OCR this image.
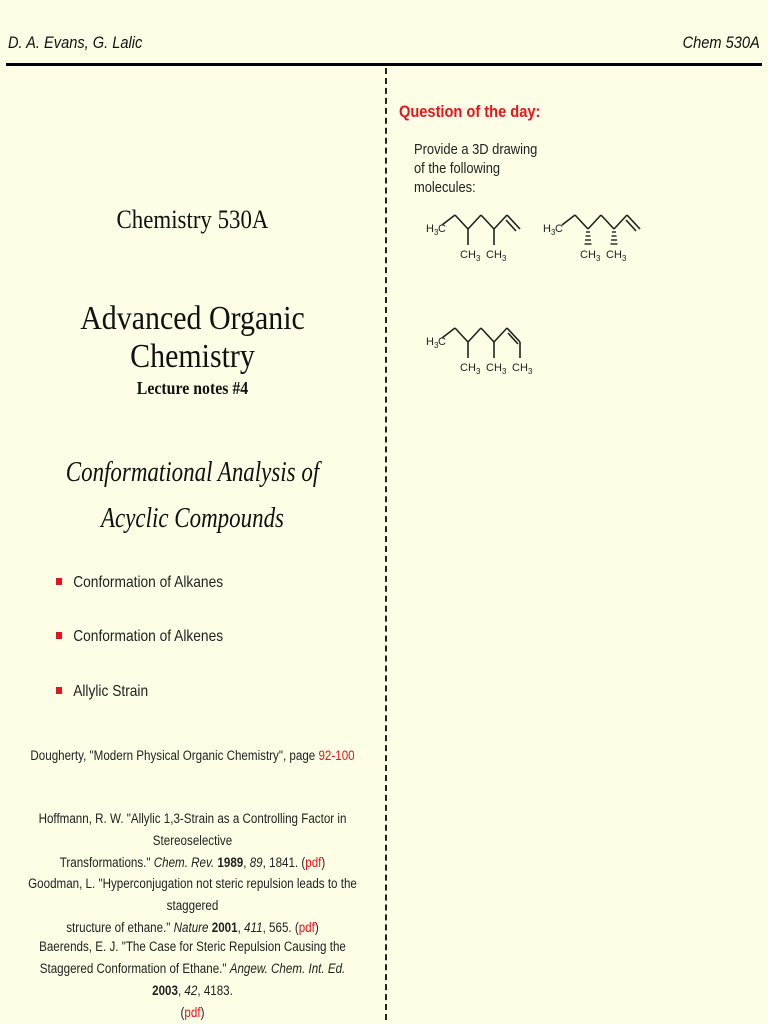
D. A. Evans, G. Lalic	Chem 530A
Chemistry 530A
Advanced Organic Chemistry
Lecture notes #4
Conformational Analysis of
Acyclic Compounds
Conformation of Alkanes
Conformation of Alkenes
Allylic Strain
Dougherty, "Modern Physical Organic Chemistry", page 92-100
Hoffmann, R. W. "Allylic 1,3-Strain as a Controlling Factor in Stereoselective
Transformations." Chem. Rev. 1989, 89, 1841. (pdf)
Goodman, L. "Hyperconjugation not steric repulsion leads to the staggered
structure of ethane." Nature 2001, 411, 565. (pdf)
Baerends, E. J. "The Case for Steric Repulsion Causing the
Staggered Conformation of Ethane." Angew. Chem. Int. Ed. 2003, 42, 4183.
(pdf)
Question of the day:
Provide a 3D drawing of the following molecules:
H 3 C
CH 3 CH 3
H 3 C
CH 3 CH 3
H 3 C
CH 3 CH 3 CH 3
